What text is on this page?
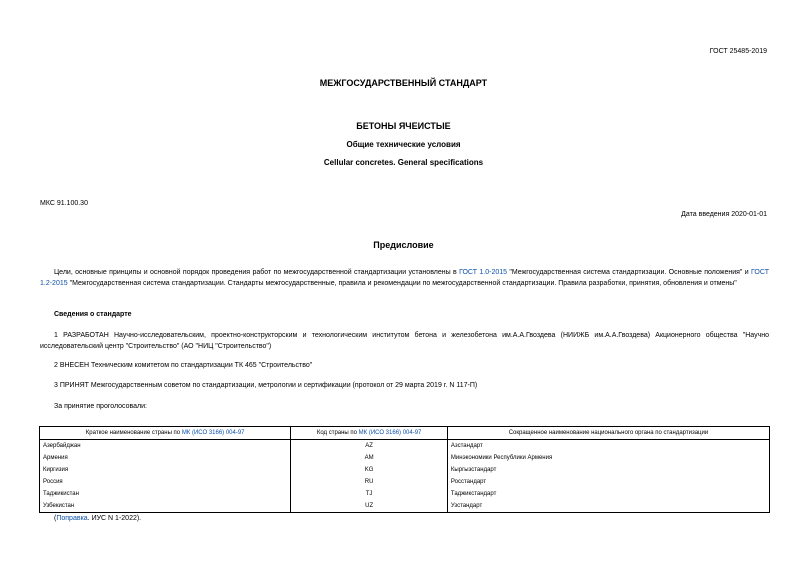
ГОСТ 25485-2019
МЕЖГОСУДАРСТВЕННЫЙ СТАНДАРТ
БЕТОНЫ ЯЧЕИСТЫЕ
Общие технические условия
Cellular concretes. General specifications
МКС 91.100.30
Дата введения 2020-01-01
Предисловие
Цели, основные принципы и основной порядок проведения работ по межгосударственной стандартизации установлены в ГОСТ 1.0-2015 "Межгосударственная система стандартизации. Основные положения" и ГОСТ 1.2-2015 "Межгосударственная система стандартизации. Стандарты межгосударственные, правила и рекомендации по межгосударственной стандартизации. Правила разработки, принятия, обновления и отмены"
Сведения о стандарте
1 РАЗРАБОТАН Научно-исследовательским, проектно-конструкторским и технологическим институтом бетона и железобетона им.А.А.Гвоздева (НИИЖБ им.А.А.Гвоздева) Акционерного общества "Научно исследовательский центр "Строительство" (АО "НИЦ "Строительство")
2 ВНЕСЕН Техническим комитетом по стандартизации ТК 465 "Строительство"
3 ПРИНЯТ Межгосударственным советом по стандартизации, метрологии и сертификации (протокол от 29 марта 2019 г. N 117-П)
За принятие проголосовали:
Краткое наименование страны по МК (ИСО 3166) 004-97	Код страны по МК (ИСО 3166) 004-97	Сокращенное наименование национального органа по стандартизации
Азербайджан	AZ	Азстандарт
Армения	AM	Минэкономики Республики Армения
Киргизия	KG	Кыргызстандарт
Россия	RU	Росстандарт
Таджикистан	TJ	Таджикстандарт
Узбекистан	UZ	Узстандарт
(Поправка. ИУС N 1-2022).
